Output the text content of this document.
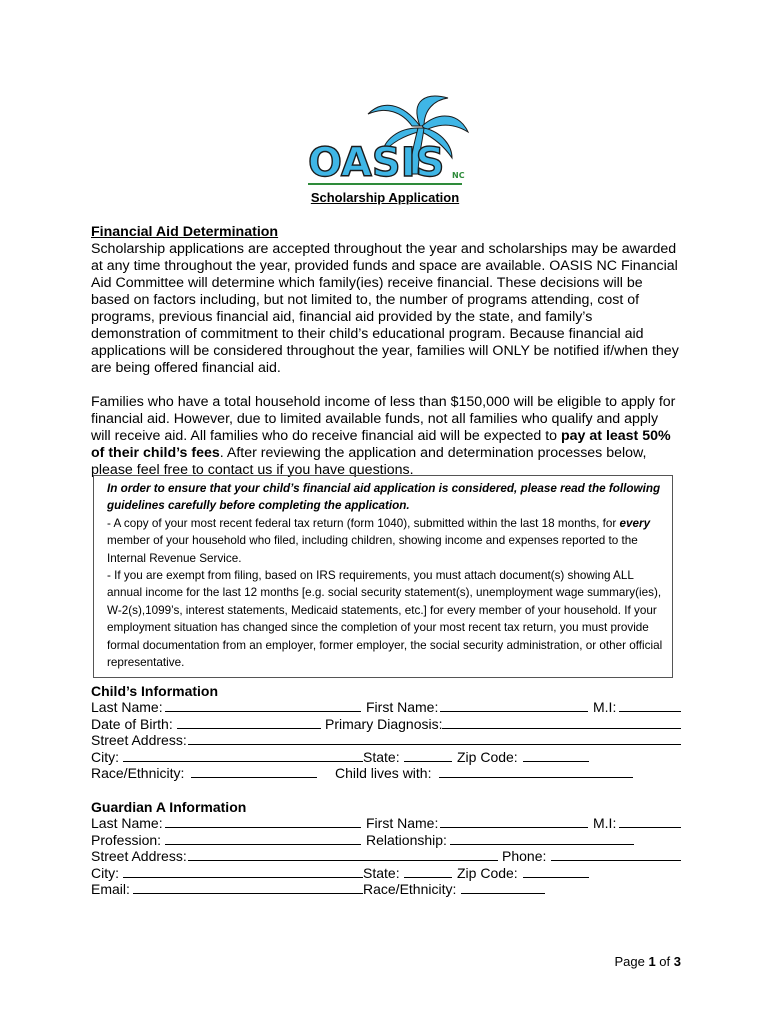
OASIS NC
Scholarship Application
Financial Aid Determination
Scholarship applications are accepted throughout the year and scholarships may be awarded at any time throughout the year, provided funds and space are available. OASIS NC Financial Aid Committee will determine which family(ies) receive financial. These decisions will be based on factors including, but not limited to, the number of programs attending, cost of programs, previous financial aid, financial aid provided by the state, and family’s demonstration of commitment to their child’s educational program. Because financial aid applications will be considered throughout the year, families will ONLY be notified if/when they are being offered financial aid.
Families who have a total household income of less than $150,000 will be eligible to apply for financial aid. However, due to limited available funds, not all families who qualify and apply will receive aid. All families who do receive financial aid will be expected to pay at least 50% of their child’s fees. After reviewing the application and determination processes below, please feel free to contact us if you have questions.
In order to ensure that your child’s financial aid application is considered, please read the following guidelines carefully before completing the application.
- A copy of your most recent federal tax return (form 1040), submitted within the last 18 months, for every member of your household who filed, including children, showing income and expenses reported to the Internal Revenue Service.
- If you are exempt from filing, based on IRS requirements, you must attach document(s) showing ALL annual income for the last 12 months [e.g. social security statement(s), unemployment wage summary(ies), W-2(s),1099’s, interest statements, Medicaid statements, etc.] for every member of your household. If your employment situation has changed since the completion of your most recent tax return, you must provide formal documentation from an employer, former employer, the social security administration, or other official representative.
Child’s Information
Last Name:	First Name:	M.I:
Date of Birth:	Primary Diagnosis:
Street Address:
City:	State:	Zip Code:
Race/Ethnicity:	Child lives with:
Guardian A Information
Last Name:	First Name:	M.I:
Profession:	Relationship:
Street Address:	Phone:
City:	State:	Zip Code:
Email:	Race/Ethnicity:
Page 1 of 3
